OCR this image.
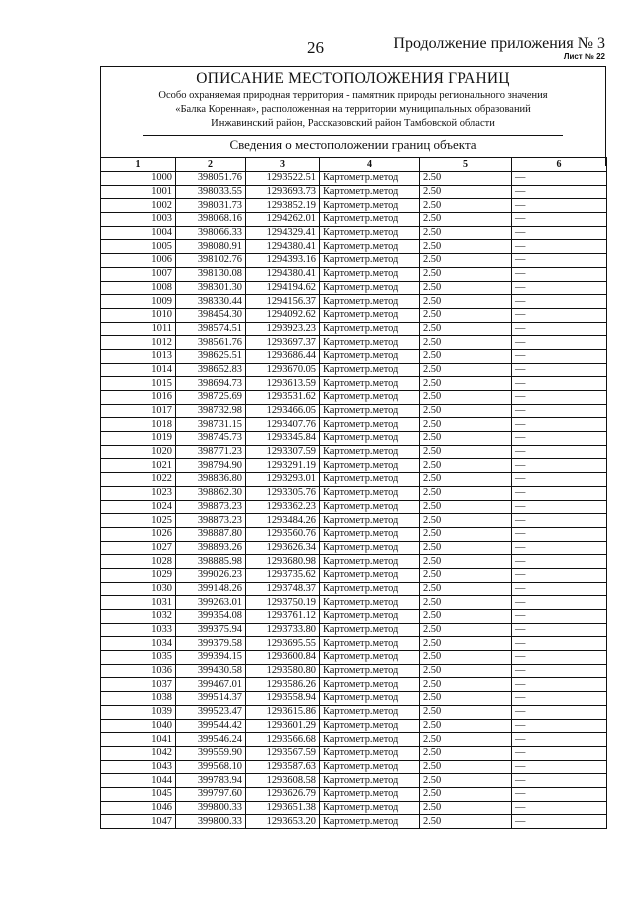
26	Продолжение приложения № 3
Лист № 22
ОПИСАНИЕ МЕСТОПОЛОЖЕНИЯ ГРАНИЦ
Особо охраняемая природная территория - памятник природы регионального значения
«Балка Коренная», расположенная на территории муниципальных образований
Инжавинский район, Рассказовский район Тамбовской области
Сведения о местоположении границ объекта
1	2	3	4	5	6
1000	398051.76	1293522.51	Картометр.метод	2.50	—
1001	398033.55	1293693.73	Картометр.метод	2.50	—
1002	398031.73	1293852.19	Картометр.метод	2.50	—
1003	398068.16	1294262.01	Картометр.метод	2.50	—
1004	398066.33	1294329.41	Картометр.метод	2.50	—
1005	398080.91	1294380.41	Картометр.метод	2.50	—
1006	398102.76	1294393.16	Картометр.метод	2.50	—
1007	398130.08	1294380.41	Картометр.метод	2.50	—
1008	398301.30	1294194.62	Картометр.метод	2.50	—
1009	398330.44	1294156.37	Картометр.метод	2.50	—
1010	398454.30	1294092.62	Картометр.метод	2.50	—
1011	398574.51	1293923.23	Картометр.метод	2.50	—
1012	398561.76	1293697.37	Картометр.метод	2.50	—
1013	398625.51	1293686.44	Картометр.метод	2.50	—
1014	398652.83	1293670.05	Картометр.метод	2.50	—
1015	398694.73	1293613.59	Картометр.метод	2.50	—
1016	398725.69	1293531.62	Картометр.метод	2.50	—
1017	398732.98	1293466.05	Картометр.метод	2.50	—
1018	398731.15	1293407.76	Картометр.метод	2.50	—
1019	398745.73	1293345.84	Картометр.метод	2.50	—
1020	398771.23	1293307.59	Картометр.метод	2.50	—
1021	398794.90	1293291.19	Картометр.метод	2.50	—
1022	398836.80	1293293.01	Картометр.метод	2.50	—
1023	398862.30	1293305.76	Картометр.метод	2.50	—
1024	398873.23	1293362.23	Картометр.метод	2.50	—
1025	398873.23	1293484.26	Картометр.метод	2.50	—
1026	398887.80	1293560.76	Картометр.метод	2.50	—
1027	398893.26	1293626.34	Картометр.метод	2.50	—
1028	398885.98	1293680.98	Картометр.метод	2.50	—
1029	399026.23	1293735.62	Картометр.метод	2.50	—
1030	399148.26	1293748.37	Картометр.метод	2.50	—
1031	399263.01	1293750.19	Картометр.метод	2.50	—
1032	399354.08	1293761.12	Картометр.метод	2.50	—
1033	399375.94	1293733.80	Картометр.метод	2.50	—
1034	399379.58	1293695.55	Картометр.метод	2.50	—
1035	399394.15	1293600.84	Картометр.метод	2.50	—
1036	399430.58	1293580.80	Картометр.метод	2.50	—
1037	399467.01	1293586.26	Картометр.метод	2.50	—
1038	399514.37	1293558.94	Картометр.метод	2.50	—
1039	399523.47	1293615.86	Картометр.метод	2.50	—
1040	399544.42	1293601.29	Картометр.метод	2.50	—
1041	399546.24	1293566.68	Картометр.метод	2.50	—
1042	399559.90	1293567.59	Картометр.метод	2.50	—
1043	399568.10	1293587.63	Картометр.метод	2.50	—
1044	399783.94	1293608.58	Картометр.метод	2.50	—
1045	399797.60	1293626.79	Картометр.метод	2.50	—
1046	399800.33	1293651.38	Картометр.метод	2.50	—
1047	399800.33	1293653.20	Картометр.метод	2.50	—
